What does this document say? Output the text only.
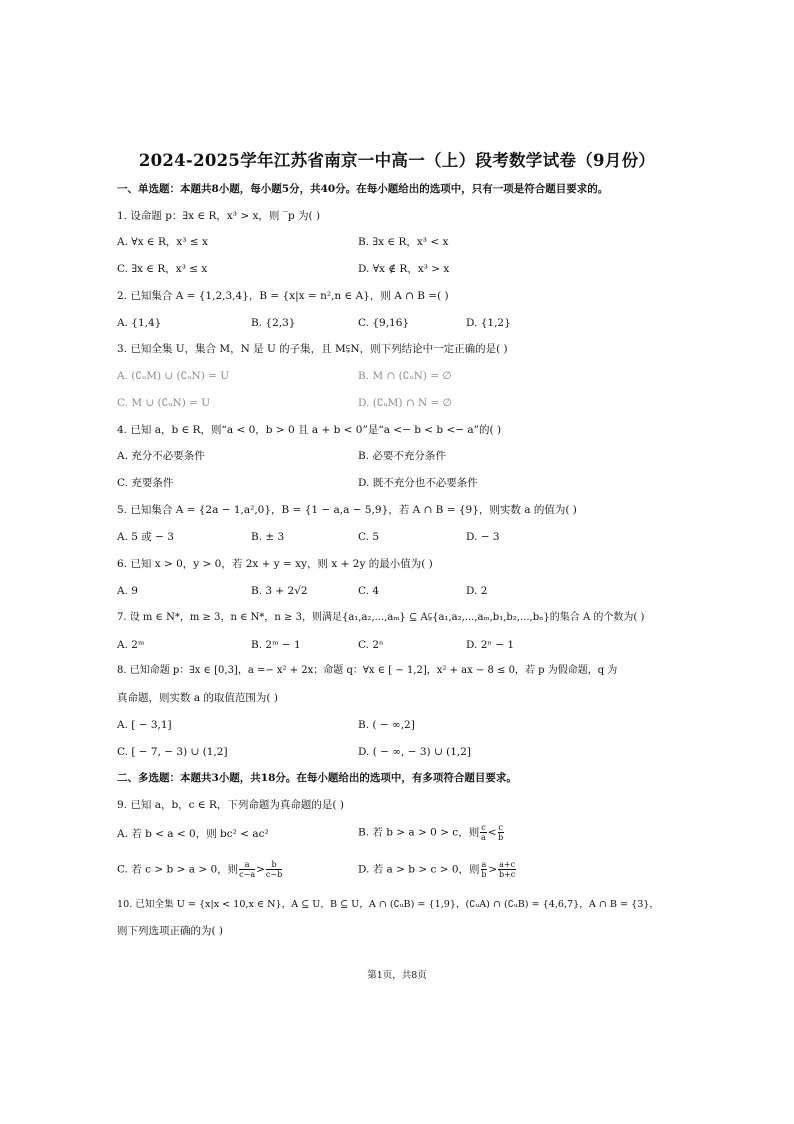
2024-2025学年江苏省南京一中高一（上）段考数学试卷（9月份）
一、单选题：本题共8小题，每小题5分，共40分。在每小题给出的选项中，只有一项是符合题目要求的。
1. 设命题 p：∃x ∈ R，x³ > x，则 ‾p 为( )
A. ∀x ∈ R，x³ ≤ x	B. ∃x ∈ R，x³ < x
C. ∃x ∈ R，x³ ≤ x	D. ∀x ∉ R，x³ > x
2. 已知集合 A = {1,2,3,4}，B = {x|x = n²,n ∈ A}，则 A ∩ B =( )
A. {1,4}	B. {2,3}	C. {9,16}	D. {1,2}
3. 已知全集 U，集合 M，N 是 U 的子集，且 M⫋N，则下列结论中一定正确的是( )
A. (∁ᵤM) ∪ (∁ᵤN) = U	B. M ∩ (∁ᵤN) = ∅
C. M ∪ (∁ᵤN) = U	D. (∁ᵤM) ∩ N = ∅
4. 已知 a，b ∈ R，则“a < 0，b > 0 且 a + b < 0”是“a <− b < b <− a”的( )
A. 充分不必要条件	B. 必要不充分条件
C. 充要条件	D. 既不充分也不必要条件
5. 已知集合 A = {2a − 1,a²,0}，B = {1 − a,a − 5,9}，若 A ∩ B = {9}，则实数 a 的值为( )
A. 5 或 − 3	B. ± 3	C. 5	D. − 3
6. 已知 x > 0，y > 0，若 2x + y = xy，则 x + 2y 的最小值为( )
A. 9	B. 3 + 2√2	C. 4	D. 2
7. 设 m ∈ N*，m ≥ 3，n ∈ N*，n ≥ 3，则满足{a₁,a₂,...,aₘ} ⊆ A⫋{a₁,a₂,...,aₘ,b₁,b₂,...,bₙ}的集合 A 的个数为( )
A. 2ᵐ	B. 2ᵐ − 1	C. 2ⁿ	D. 2ⁿ − 1
8. 已知命题 p：∃x ∈ [0,3]，a =− x² + 2x；命题 q：∀x ∈ [ − 1,2]，x² + ax − 8 ≤ 0，若 p 为假命题，q 为
真命题，则实数 a 的取值范围为( )
A. [ − 3,1]	B. ( − ∞,2]
C. [ − 7, − 3) ∪ (1,2]	D. ( − ∞, − 3) ∪ (1,2]
二、多选题：本题共3小题，共18分。在每小题给出的选项中，有多项符合题目要求。
9. 已知 a，b，c ∈ R，下列命题为真命题的是( )
A. 若 b < a < 0，则 bc² < ac²	B. 若 b > a > 0 > c，则 $\frac{c}{a} < \frac{c}{b}$
C. 若 c > b > a > 0，则 $\frac{a}{c-a} > \frac{b}{c-b}$	D. 若 a > b > c > 0，则 $\frac{a}{b} > \frac{a+c}{b+c}$
10. 已知全集 U = {x|x < 10,x ∈ N}，A ⊆ U，B ⊆ U，A ∩ (∁ᵤB) = {1,9}，(∁ᵤA) ∩ (∁ᵤB) = {4,6,7}，A ∩ B = {3}，
则下列选项正确的为( )
第1页，共8页
